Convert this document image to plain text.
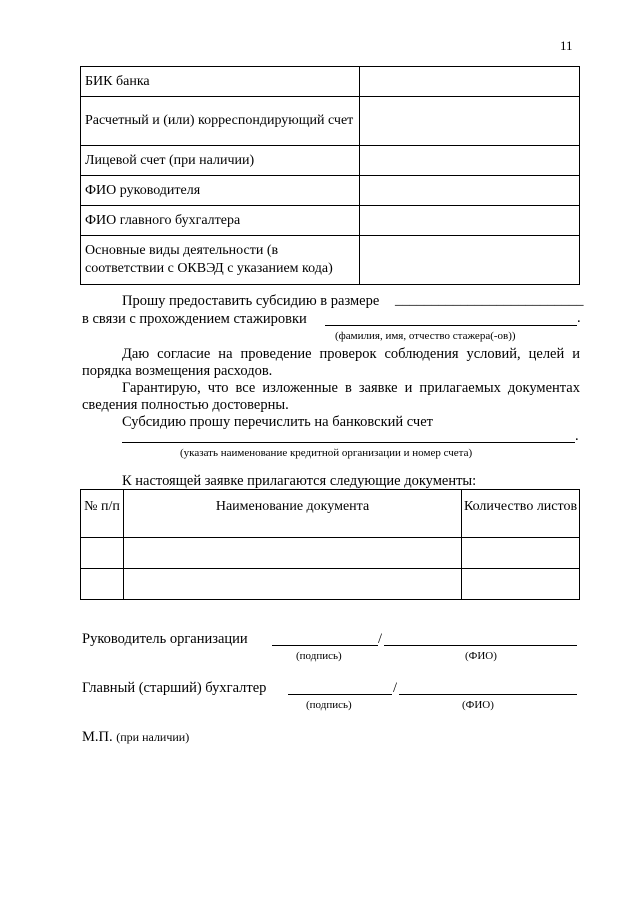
11
БИК банка	
Расчетный и (или) корреспондирующий счет	
Лицевой счет (при наличии)	
ФИО руководителя	
ФИО главного бухгалтера	
Основные виды деятельности (в соответствии с ОКВЭД с указанием кода)	
Прошу предоставить субсидию в размере __________________________
в связи с прохождением стажировки	.
(фамилия, имя, отчество стажера(-ов))
Даю согласие на проведение проверок соблюдения условий, целей и
порядка возмещения расходов.
Гарантирую, что все изложенные в заявке и прилагаемых документах
сведения полностью достоверны.
Субсидию прошу перечислить на банковский счет
.
(указать наименование кредитной организации и номер счета)
К настоящей заявке прилагаются следующие документы:
№ п/п	Наименование документа	Количество листов

Руководитель организации	/
(подпись)	(ФИО)
Главный (старший) бухгалтер	/
(подпись)	(ФИО)
М.П. (при наличии)
